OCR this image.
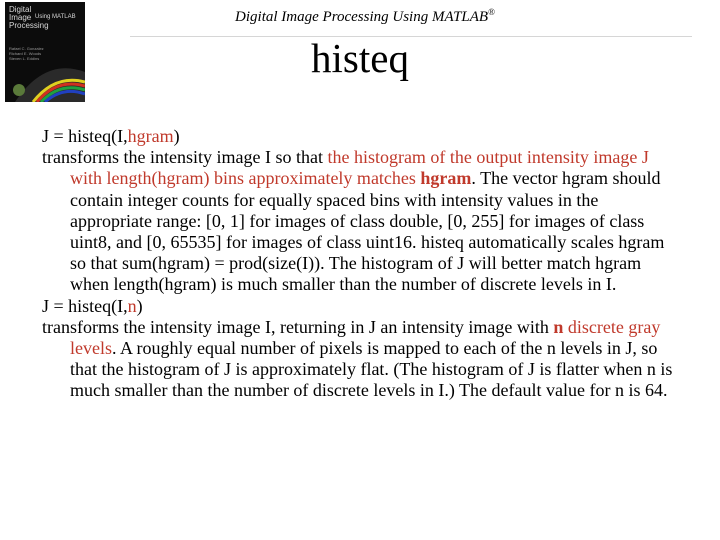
Digital
Image
Processing
Using MATLAB
Rafael C. Gonzalez
Richard E. Woods
Steven L. Eddins
Digital Image Processing Using MATLAB®
histeq

J = histeq(I,hgram)

transforms the intensity image I so that the histogram of the output intensity image J with length(hgram) bins approximately matches hgram. The vector hgram should contain integer counts for equally spaced bins with intensity values in the appropriate range: [0, 1] for images of class double, [0, 255] for images of class uint8, and [0, 65535] for images of class uint16. histeq automatically scales hgram so that sum(hgram) = prod(size(I)). The histogram of J will better match hgram when length(hgram) is much smaller than the number of discrete levels in I.

J = histeq(I,n)

transforms the intensity image I, returning in J an intensity image with n discrete gray levels. A roughly equal number of pixels is mapped to each of the n levels in J, so that the histogram of J is approximately flat. (The histogram of J is flatter when n is much smaller than the number of discrete levels in I.) The default value for n is 64.
